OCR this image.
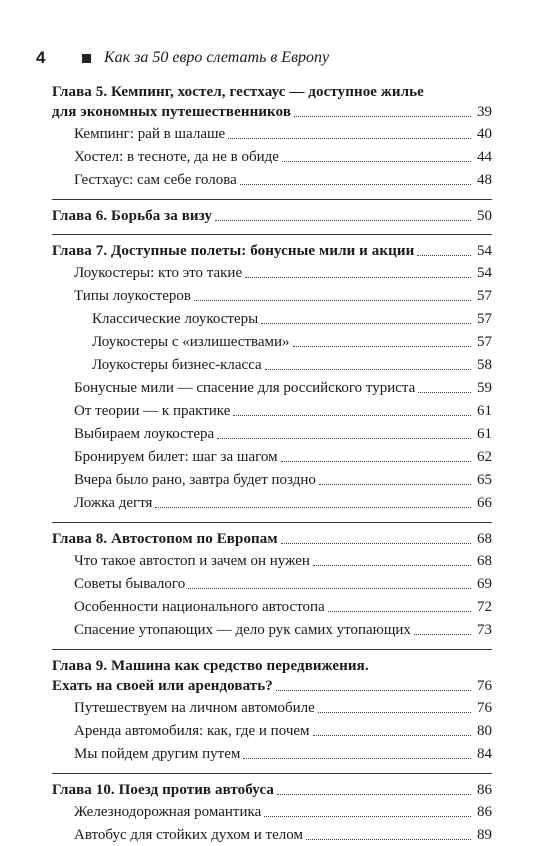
4	Как за 50 евро слетать в Европу
Глава 5. Кемпинг, хостел, гестхаус — доступное жилье
для экономных путешественников	39
Кемпинг: рай в шалаше	40
Хостел: в тесноте, да не в обиде	44
Гестхаус: сам себе голова	48
Глава 6. Борьба за визу	50
Глава 7. Доступные полеты: бонусные мили и акции	54
Лоукостеры: кто это такие	54
Типы лоукостеров	57
Классические лоукостеры	57
Лоукостеры с «излишествами»	57
Лоукостеры бизнес-класса	58
Бонусные мили — спасение для российского туриста	59
От теории — к практике	61
Выбираем лоукостера	61
Бронируем билет: шаг за шагом	62
Вчера было рано, завтра будет поздно	65
Ложка дегтя	66
Глава 8. Автостопом по Европам	68
Что такое автостоп и зачем он нужен	68
Советы бывалого	69
Особенности национального автостопа	72
Спасение утопающих — дело рук самих утопающих	73
Глава 9. Машина как средство передвижения.
Ехать на своей или арендовать?	76
Путешествуем на личном автомобиле	76
Аренда автомобиля: как, где и почем	80
Мы пойдем другим путем	84
Глава 10. Поезд против автобуса	86
Железнодорожная романтика	86
Автобус для стойких духом и телом	89
